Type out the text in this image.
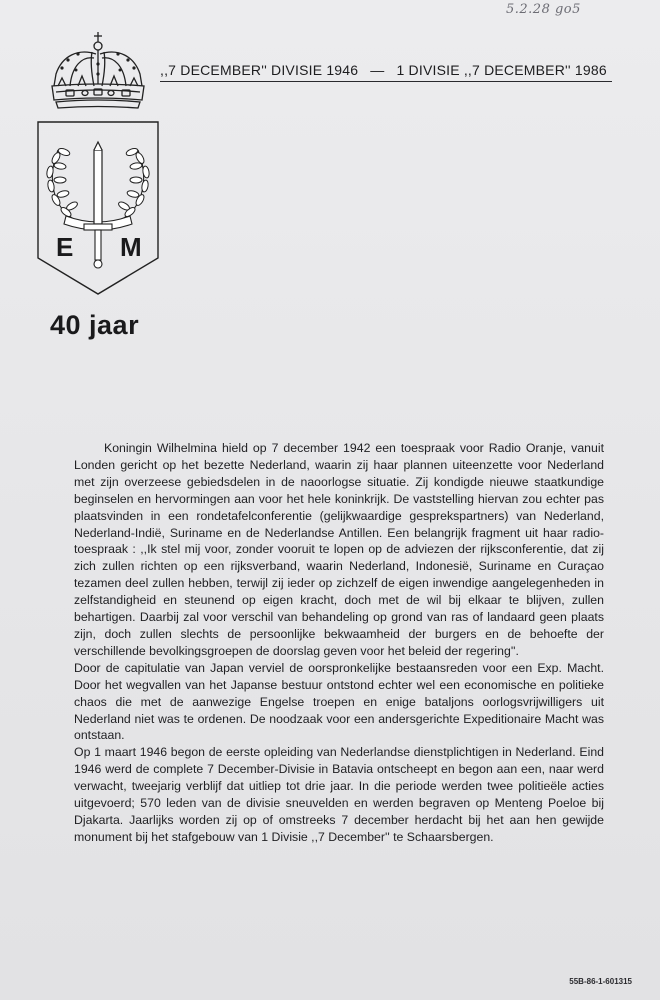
5.2.28 go5
,,7 DECEMBER'' DIVISIE 1946 — 1 DIVISIE ,,7 DECEMBER'' 1986
E M
40 jaar

Koningin Wilhelmina hield op 7 december 1942 een toespraak voor Radio Oranje, vanuit Londen gericht op het bezette Nederland, waarin zij haar plannen uiteenzette voor Nederland met zijn overzeese gebiedsdelen in de naoorlogse situatie. Zij kondigde nieuwe staatkundige beginselen en hervormingen aan voor het hele koninkrijk. De vaststelling hiervan zou echter pas plaatsvinden in een rondetafelconferentie (gelijkwaardige gesprekspartners) van Nederland, Nederland-Indië, Suriname en de Nederlandse Antillen. Een belangrijk fragment uit haar radio-toespraak : ,,Ik stel mij voor, zonder vooruit te lopen op de adviezen der rijksconferentie, dat zij zich zullen richten op een rijksverband, waarin Nederland, Indonesië, Suriname en Curaçao tezamen deel zullen hebben, terwijl zij ieder op zichzelf de eigen inwendige aangelegenheden in zelfstandigheid en steunend op eigen kracht, doch met de wil bij elkaar te blijven, zullen behartigen. Daarbij zal voor verschil van behandeling op grond van ras of landaard geen plaats zijn, doch zullen slechts de persoonlijke bekwaamheid der burgers en de behoefte der verschillende bevolkingsgroepen de doorslag geven voor het beleid der regering''.

Door de capitulatie van Japan verviel de oorspronkelijke bestaansreden voor een Exp. Macht. Door het wegvallen van het Japanse bestuur ontstond echter wel een economische en politieke chaos die met de aanwezige Engelse troepen en enige bataljons oorlogsvrijwilligers uit Nederland niet was te ordenen. De noodzaak voor een andersgerichte Expeditionaire Macht was ontstaan.

Op 1 maart 1946 begon de eerste opleiding van Nederlandse dienstplichtigen in Nederland. Eind 1946 werd de complete 7 December-Divisie in Batavia ontscheept en begon aan een, naar werd verwacht, tweejarig verblijf dat uitliep tot drie jaar. In die periode werden twee politieële acties uitgevoerd; 570 leden van de divisie sneuvelden en werden begraven op Menteng Poeloe bij Djakarta. Jaarlijks worden zij op of omstreeks 7 december herdacht bij het aan hen gewijde monument bij het stafgebouw van 1 Divisie ,,7 December'' te Schaarsbergen.

55B-86-1-601315
